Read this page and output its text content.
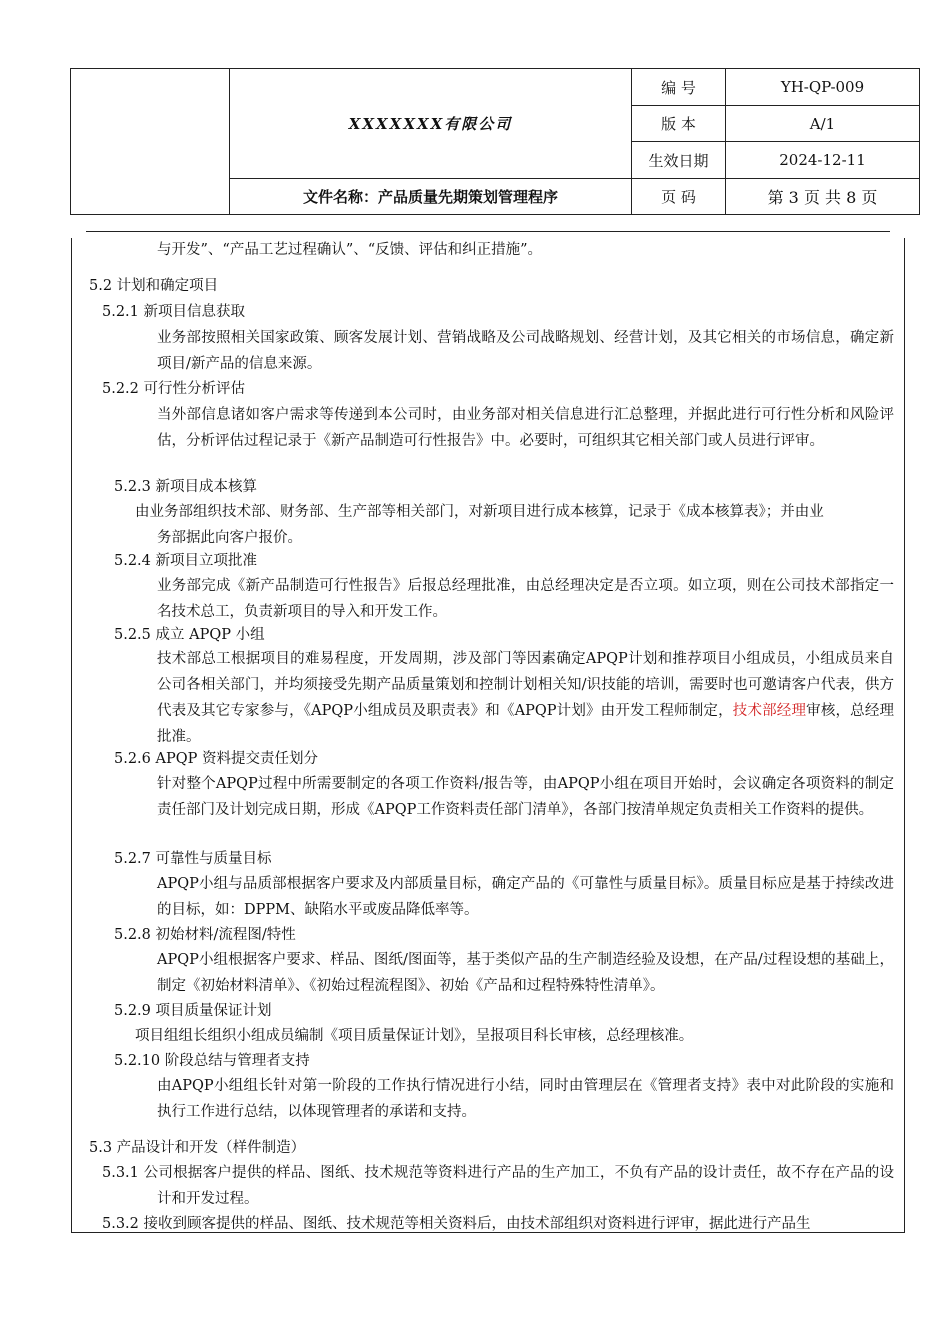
	XXXXXXX有限公司	编 号	YH-QP-009
		版 本	A/1
		生效日期	2024-12-11
	文件名称：产品质量先期策划管理程序	页 码	第 3 页 共 8 页

与开发”、“产品工艺过程确认”、“反馈、评估和纠正措施”。

5.2 计划和确定项目

5.2.1 新项目信息获取

业务部按照相关国家政策、顾客发展计划、营销战略及公司战略规划、经营计划，及其它相关的市场信息，确定新项目/新产品的信息来源。

5.2.2 可行性分析评估

当外部信息诸如客户需求等传递到本公司时，由业务部对相关信息进行汇总整理，并据此进行可行性分析和风险评估，分析评估过程记录于《新产品制造可行性报告》中。必要时，可组织其它相关部门或人员进行评审。

5.2.3 新项目成本核算

由业务部组织技术部、财务部、生产部等相关部门，对新项目进行成本核算，记录于《成本核算表》；并由业

务部据此向客户报价。

5.2.4 新项目立项批准

业务部完成《新产品制造可行性报告》后报总经理批准，由总经理决定是否立项。如立项，则在公司技术部指定一名技术总工，负责新项目的导入和开发工作。

5.2.5 成立 APQP 小组

技术部总工根据项目的难易程度，开发周期，涉及部门等因素确定APQP计划和推荐项目小组成员，小组成员来自公司各相关部门，并均须接受先期产品质量策划和控制计划相关知/识技能的培训，需要时也可邀请客户代表，供方代表及其它专家参与，《APQP小组成员及职责表》和《APQP计划》由开发工程师制定，技术部经理审核，总经理批准。

5.2.6 APQP 资料提交责任划分

针对整个APQP过程中所需要制定的各项工作资料/报告等，由APQP小组在项目开始时，会议确定各项资料的制定责任部门及计划完成日期，形成《APQP工作资料责任部门清单》，各部门按清单规定负责相关工作资料的提供。

5.2.7 可靠性与质量目标

APQP小组与品质部根据客户要求及内部质量目标，确定产品的《可靠性与质量目标》。质量目标应是基于持续改进的目标，如：DPPM、缺陷水平或废品降低率等。

5.2.8 初始材料/流程图/特性

APQP小组根据客户要求、样品、图纸/图面等，基于类似产品的生产制造经验及设想，在产品/过程设想的基础上，制定《初始材料清单》、《初始过程流程图》、初始《产品和过程特殊特性清单》。

5.2.9 项目质量保证计划

项目组组长组织小组成员编制《项目质量保证计划》，呈报项目科长审核，总经理核准。

5.2.10 阶段总结与管理者支持

由APQP小组组长针对第一阶段的工作执行情况进行小结，同时由管理层在《管理者支持》表中对此阶段的实施和执行工作进行总结，以体现管理者的承诺和支持。

5.3 产品设计和开发（样件制造）

5.3.1 公司根据客户提供的样品、图纸、技术规范等资料进行产品的生产加工，不负有产品的设计责任，故不存在产品的设计和开发过程。

5.3.2 接收到顾客提供的样品、图纸、技术规范等相关资料后，由技术部组织对资料进行评审，据此进行产品生
